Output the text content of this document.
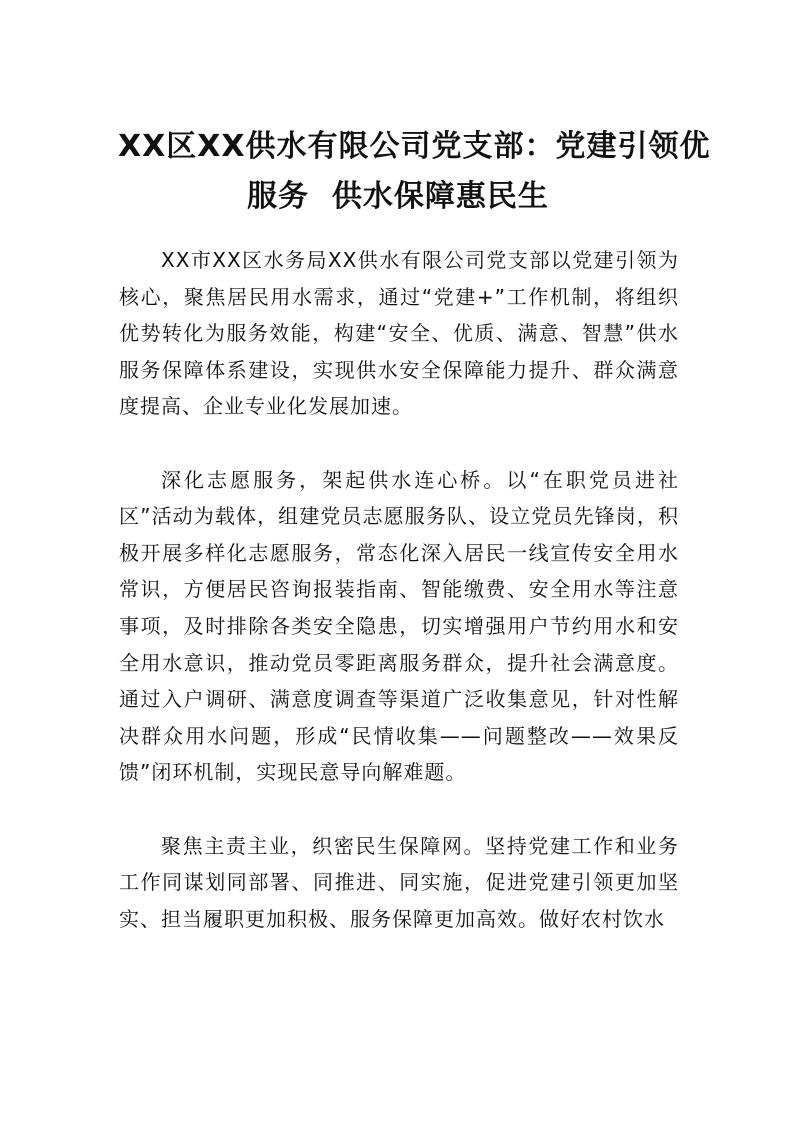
XX区XX供水有限公司党支部：党建引领优
服务  供水保障惠民生

XX市XX区水务局XX供水有限公司党支部以党建引领为核心，聚焦居民用水需求，通过“党建+”工作机制，将组织优势转化为服务效能，构建“安全、优质、满意、智慧”供水服务保障体系建设，实现供水安全保障能力提升、群众满意度提高、企业专业化发展加速。

深化志愿服务，架起供水连心桥。以“在职党员进社区”活动为载体，组建党员志愿服务队、设立党员先锋岗，积极开展多样化志愿服务，常态化深入居民一线宣传安全用水常识，方便居民咨询报装指南、智能缴费、安全用水等注意事项，及时排除各类安全隐患，切实增强用户节约用水和安全用水意识，推动党员零距离服务群众，提升社会满意度。通过入户调研、满意度调查等渠道广泛收集意见，针对性解决群众用水问题，形成“民情收集——问题整改——效果反馈”闭环机制，实现民意导向解难题。

聚焦主责主业，织密民生保障网。坚持党建工作和业务工作同谋划同部署、同推进、同实施，促进党建引领更加坚实、担当履职更加积极、服务保障更加高效。做好农村饮水
